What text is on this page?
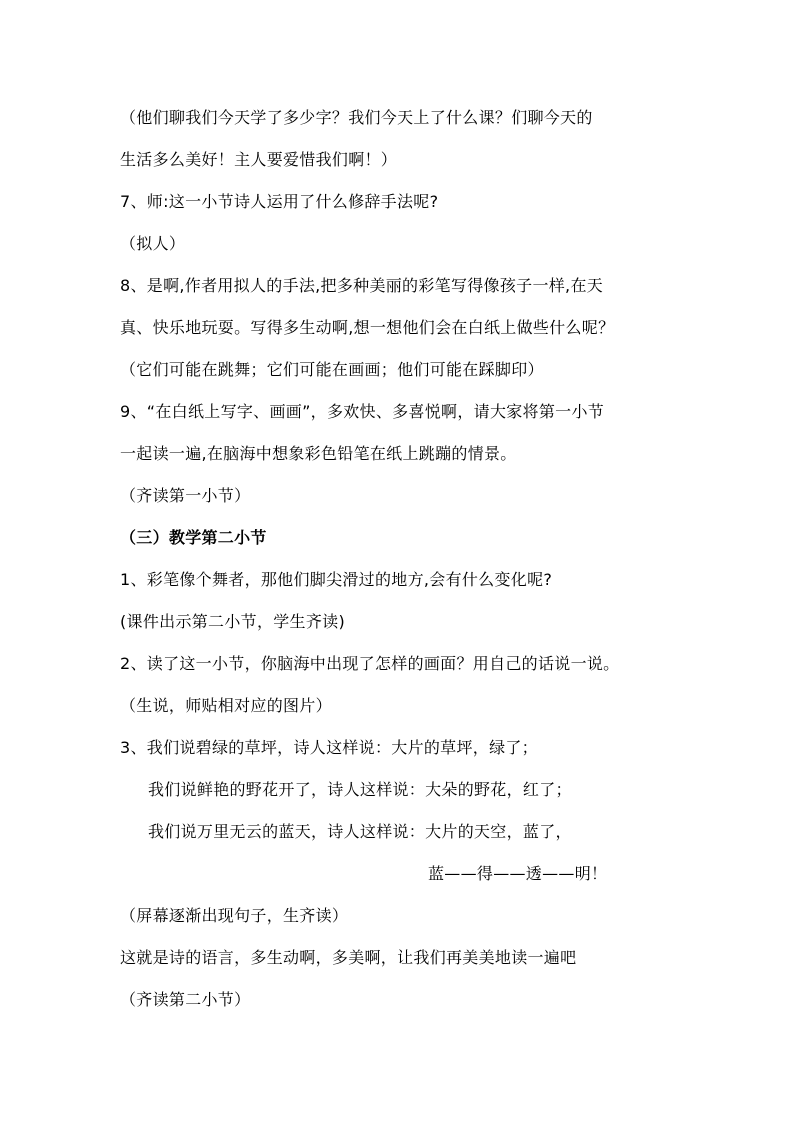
（他们聊我们今天学了多少字？我们今天上了什么课？们聊今天的
生活多么美好！主人要爱惜我们啊！）
7、师:这一小节诗人运用了什么修辞手法呢?
（拟人）
8、是啊,作者用拟人的手法,把多种美丽的彩笔写得像孩子一样,在天
真、快乐地玩耍。写得多生动啊,想一想他们会在白纸上做些什么呢？
（它们可能在跳舞；它们可能在画画；他们可能在踩脚印）
9、“在白纸上写字、画画”，多欢快、多喜悦啊，请大家将第一小节
一起读一遍,在脑海中想象彩色铅笔在纸上跳蹦的情景。
（齐读第一小节）
（三）教学第二小节
1、彩笔像个舞者，那他们脚尖滑过的地方,会有什么变化呢?
(课件出示第二小节，学生齐读)
2、读了这一小节，你脑海中出现了怎样的画面？用自己的话说一说。
（生说，师贴相对应的图片）
3、我们说碧绿的草坪，诗人这样说：大片的草坪，绿了；
我们说鲜艳的野花开了，诗人这样说：大朵的野花，红了；
我们说万里无云的蓝天，诗人这样说：大片的天空，蓝了，
蓝——得——透——明！
（屏幕逐渐出现句子，生齐读）
这就是诗的语言，多生动啊，多美啊，让我们再美美地读一遍吧
（齐读第二小节）
